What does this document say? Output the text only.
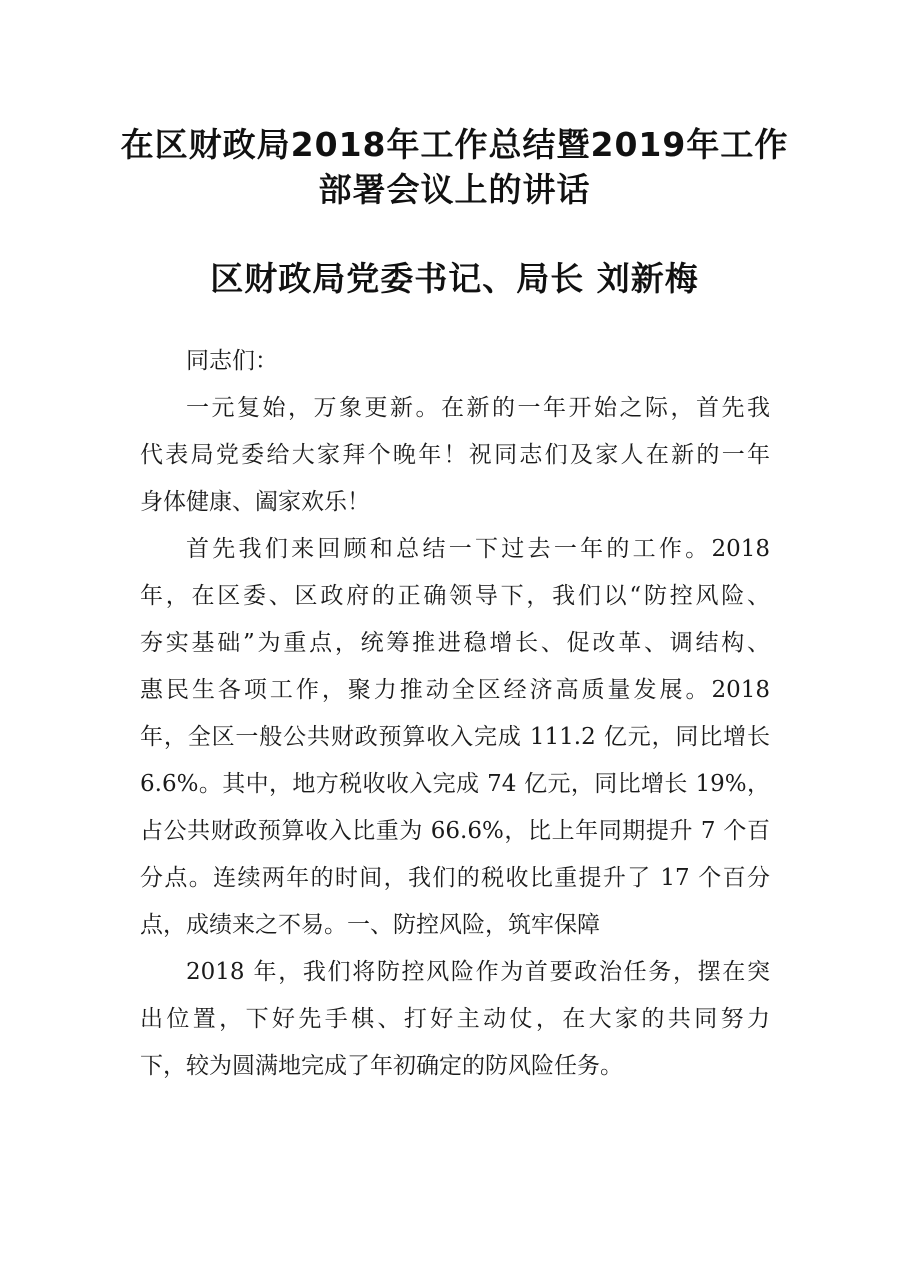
在区财政局2018年工作总结暨2019年工作
部署会议上的讲话
区财政局党委书记、局长 刘新梅
同志们：
一元复始，万象更新。在新的一年开始之际，首先我
代表局党委给大家拜个晚年！祝同志们及家人在新的一年
身体健康、阖家欢乐！
首先我们来回顾和总结一下过去一年的工作。2018
年，在区委、区政府的正确领导下，我们以“防控风险、
夯实基础”为重点，统筹推进稳增长、促改革、调结构、
惠民生各项工作，聚力推动全区经济高质量发展。2018
年，全区一般公共财政预算收入完成 111.2 亿元，同比增长
6.6%。其中，地方税收收入完成 74 亿元，同比增长 19%，
占公共财政预算收入比重为 66.6%，比上年同期提升 7 个百
分点。连续两年的时间，我们的税收比重提升了 17 个百分
点，成绩来之不易。一、防控风险，筑牢保障
2018 年，我们将防控风险作为首要政治任务，摆在突
出位置，下好先手棋、打好主动仗，在大家的共同努力
下，较为圆满地完成了年初确定的防风险任务。
